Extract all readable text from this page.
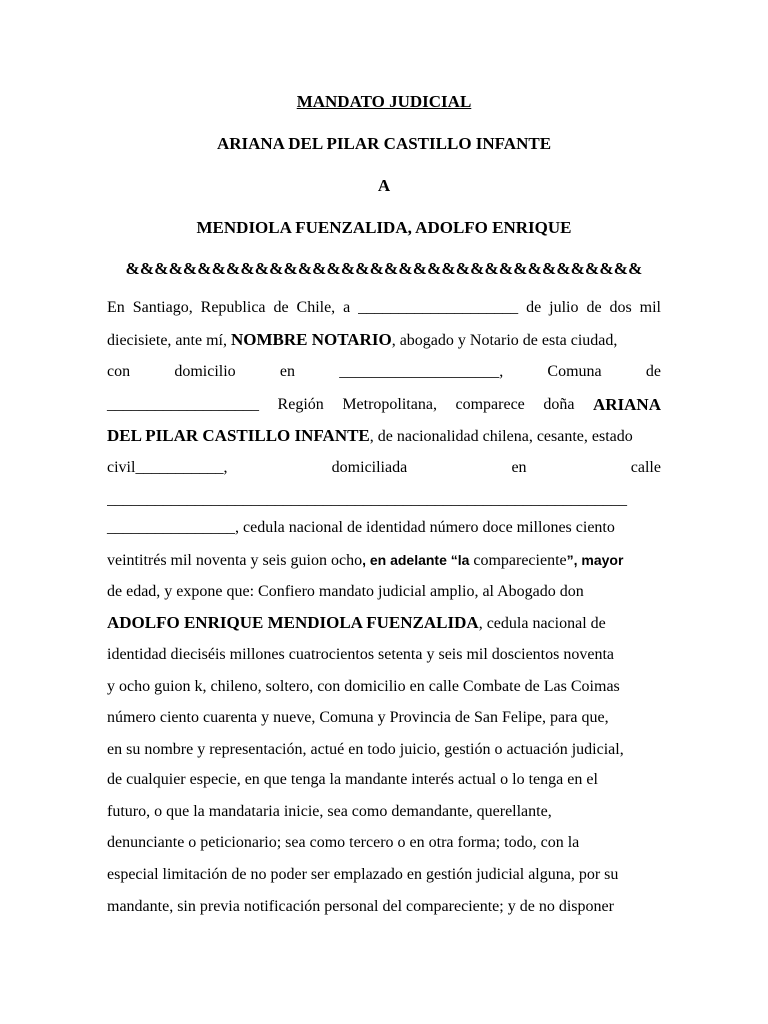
MANDATO JUDICIAL
ARIANA DEL PILAR CASTILLO INFANTE
A
MENDIOLA FUENZALIDA, ADOLFO ENRIQUE
&&&&&&&&&&&&&&&&&&&&&&&&&&&&&&&&&&&&
En Santiago, Republica de Chile, a ____________________ de julio de dos mil
diecisiete, ante mí, NOMBRE NOTARIO, abogado y Notario de esta ciudad,
con	domicilio	en	____________________,	Comuna	de
___________________ Región Metropolitana, comparece doña ARIANA
DEL PILAR CASTILLO INFANTE, de nacionalidad chilena, cesante, estado
civil___________,	domiciliada	en	calle
_________________________________________________________________
________________, cedula nacional de identidad número doce millones ciento
veintitrés mil noventa y seis guion ocho, en adelante “la compareciente”, mayor
de edad, y expone que: Confiero mandato judicial amplio, al Abogado don
ADOLFO ENRIQUE MENDIOLA FUENZALIDA, cedula nacional de
identidad dieciséis millones cuatrocientos setenta y seis mil doscientos noventa
y ocho guion k, chileno, soltero, con domicilio en calle Combate de Las Coimas
número ciento cuarenta y nueve, Comuna y Provincia de San Felipe, para que,
en su nombre y representación, actué en todo juicio, gestión o actuación judicial,
de cualquier especie, en que tenga la mandante interés actual o lo tenga en el
futuro, o que la mandataria inicie, sea como demandante, querellante,
denunciante o peticionario; sea como tercero o en otra forma; todo, con la
especial limitación de no poder ser emplazado en gestión judicial alguna, por su
mandante, sin previa notificación personal del compareciente; y de no disponer
